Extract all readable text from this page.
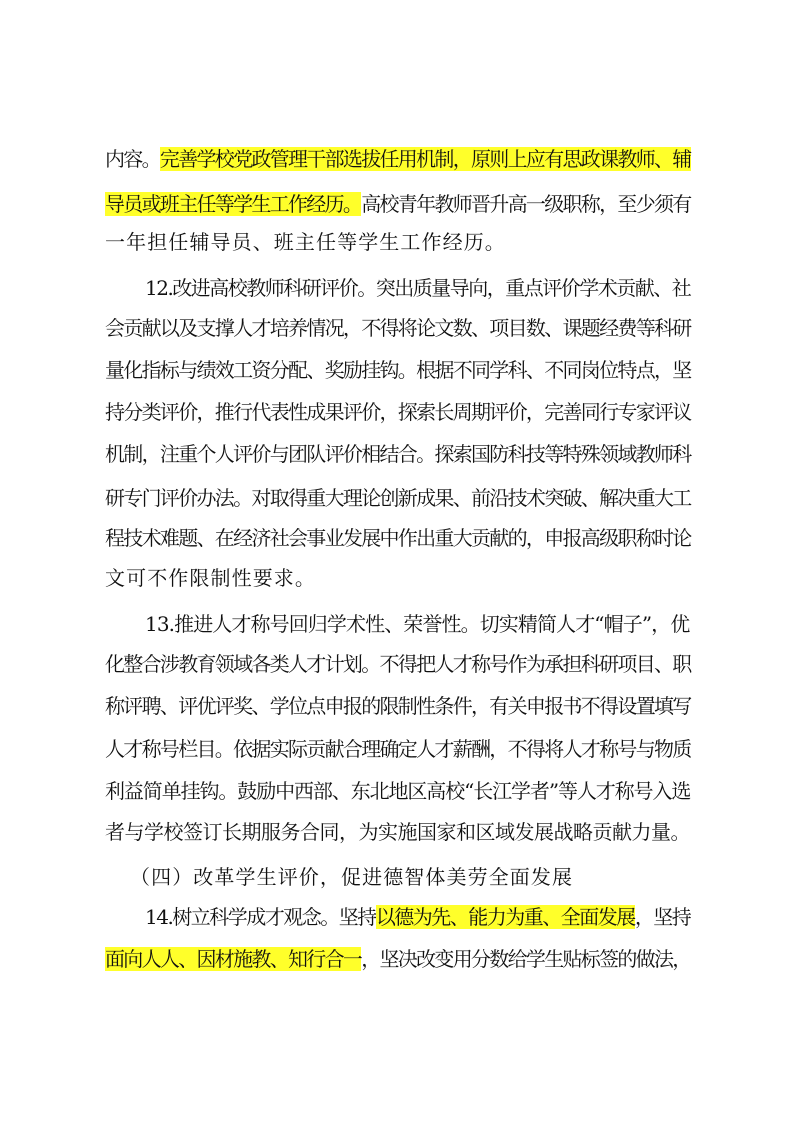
内容。完善学校党政管理干部选拔任用机制，原则上应有思政课教师、辅
导员或班主任等学生工作经历。高校青年教师晋升高一级职称，至少须有
一年担任辅导员、班主任等学生工作经历。
12.改进高校教师科研评价。突出质量导向，重点评价学术贡献、社
会贡献以及支撑人才培养情况，不得将论文数、项目数、课题经费等科研
量化指标与绩效工资分配、奖励挂钩。根据不同学科、不同岗位特点，坚
持分类评价，推行代表性成果评价，探索长周期评价，完善同行专家评议
机制，注重个人评价与团队评价相结合。探索国防科技等特殊领域教师科
研专门评价办法。对取得重大理论创新成果、前沿技术突破、解决重大工
程技术难题、在经济社会事业发展中作出重大贡献的，申报高级职称时论
文可不作限制性要求。
13.推进人才称号回归学术性、荣誉性。切实精简人才“帽子”，优
化整合涉教育领域各类人才计划。不得把人才称号作为承担科研项目、职
称评聘、评优评奖、学位点申报的限制性条件，有关申报书不得设置填写
人才称号栏目。依据实际贡献合理确定人才薪酬，不得将人才称号与物质
利益简单挂钩。鼓励中西部、东北地区高校“长江学者”等人才称号入选
者与学校签订长期服务合同，为实施国家和区域发展战略贡献力量。
（四）改革学生评价，促进德智体美劳全面发展
14.树立科学成才观念。坚持以德为先、能力为重、全面发展，坚持
面向人人、因材施教、知行合一，坚决改变用分数给学生贴标签的做法，
